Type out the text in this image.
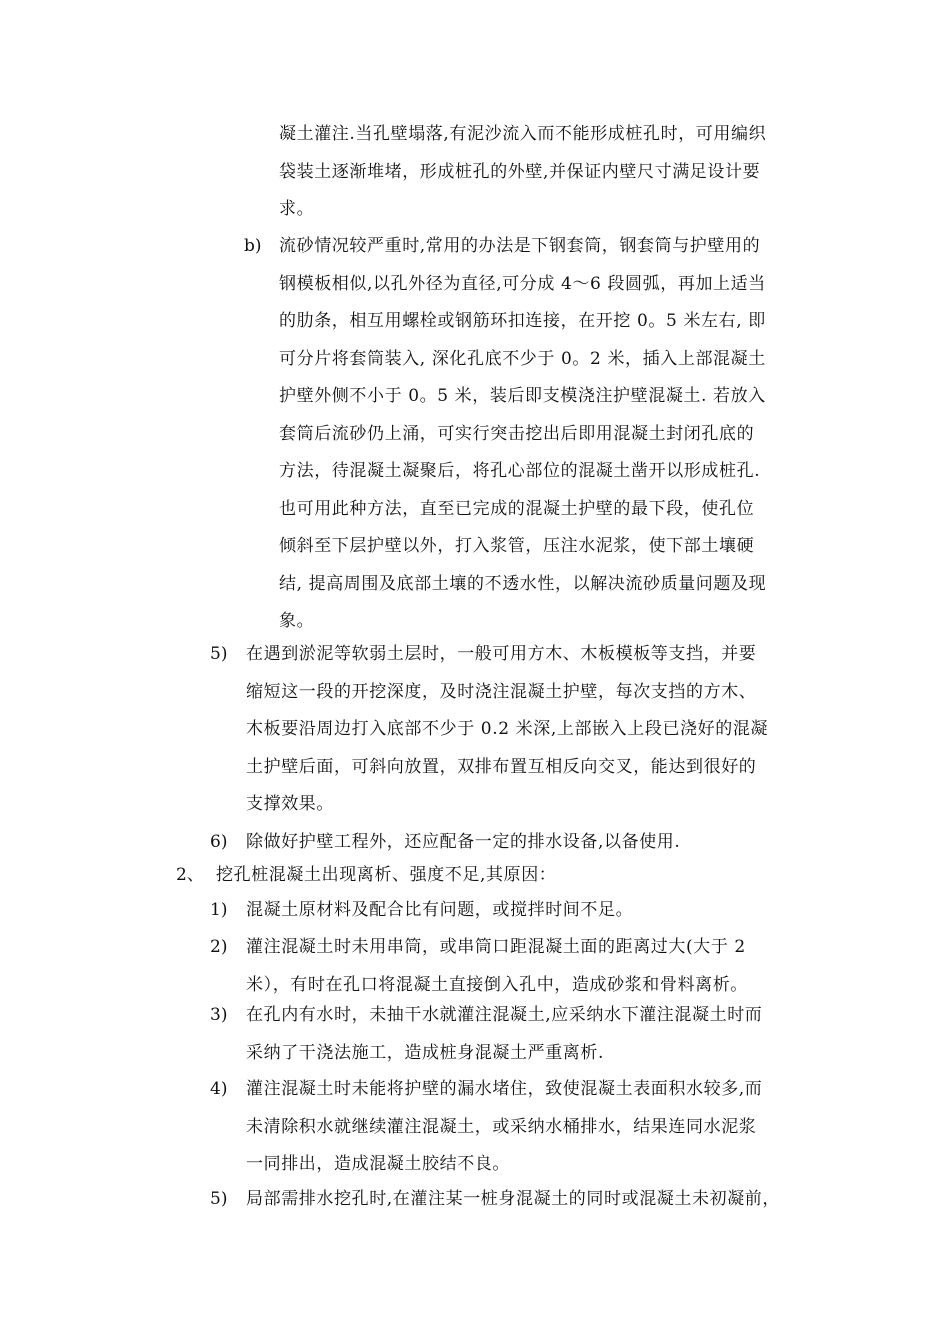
凝土灌注.当孔壁塌落,有泥沙流入而不能形成桩孔时，可用编织
袋装土逐渐堆堵，形成桩孔的外壁,并保证内壁尺寸满足设计要
求。
b) 流砂情况较严重时,常用的办法是下钢套筒，钢套筒与护壁用的
钢模板相似,以孔外径为直径,可分成 4～6 段圆弧，再加上适当
的肋条，相互用螺栓或钢筋环扣连接，在开挖 0。5 米左右, 即
可分片将套筒装入, 深化孔底不少于 0。2 米，插入上部混凝土
护壁外侧不小于 0。5 米，装后即支模浇注护壁混凝土. 若放入
套筒后流砂仍上涌，可实行突击挖出后即用混凝土封闭孔底的
方法，待混凝土凝聚后，将孔心部位的混凝土凿开以形成桩孔.
也可用此种方法，直至已完成的混凝土护壁的最下段，使孔位
倾斜至下层护壁以外，打入浆管，压注水泥浆，使下部土壤硬
结, 提高周围及底部土壤的不透水性，以解决流砂质量问题及现
象。
5) 在遇到淤泥等软弱土层时，一般可用方木、木板模板等支挡，并要
缩短这一段的开挖深度，及时浇注混凝土护壁，每次支挡的方木、
木板要沿周边打入底部不少于 0.2 米深,上部嵌入上段已浇好的混凝
土护壁后面，可斜向放置，双排布置互相反向交叉，能达到很好的
支撑效果。
6) 除做好护壁工程外，还应配备一定的排水设备,以备使用.
2、 挖孔桩混凝土出现离析、强度不足,其原因：
1) 混凝土原材料及配合比有问题，或搅拌时间不足。
2) 灌注混凝土时未用串筒，或串筒口距混凝土面的距离过大(大于 2
米），有时在孔口将混凝土直接倒入孔中，造成砂浆和骨料离析。
3) 在孔内有水时，未抽干水就灌注混凝土,应采纳水下灌注混凝土时而
采纳了干浇法施工，造成桩身混凝土严重离析.
4) 灌注混凝土时未能将护壁的漏水堵住，致使混凝土表面积水较多,而
未清除积水就继续灌注混凝土，或采纳水桶排水，结果连同水泥浆
一同排出，造成混凝土胶结不良。
5) 局部需排水挖孔时,在灌注某一桩身混凝土的同时或混凝土未初凝前，
